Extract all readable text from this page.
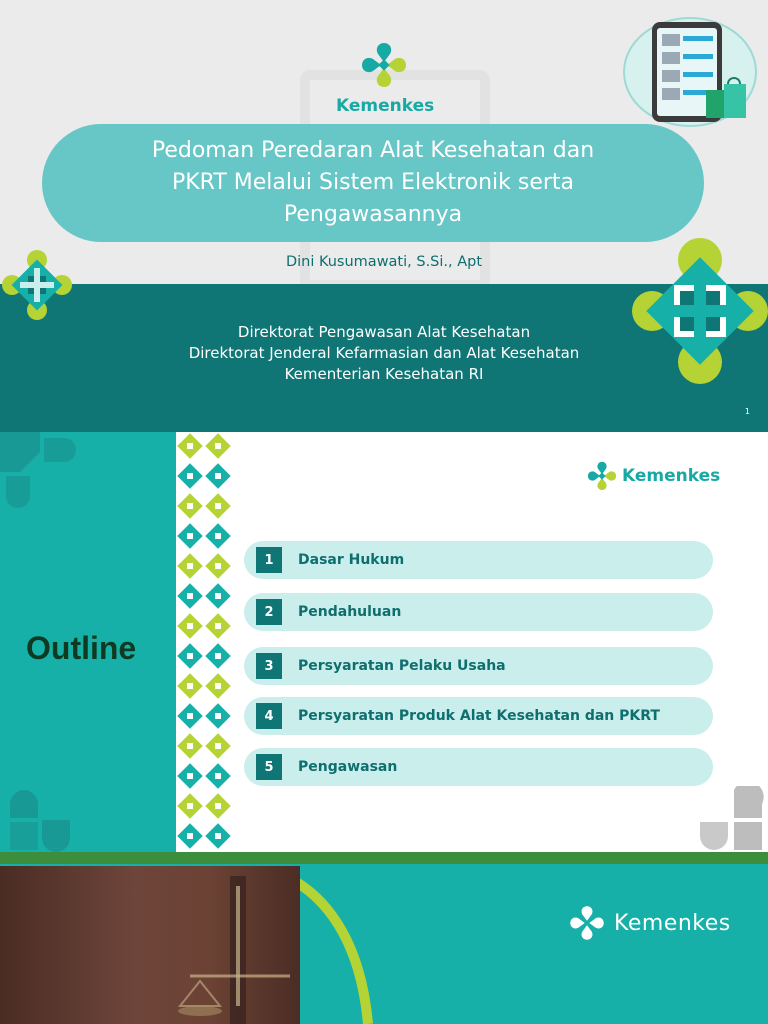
Kemenkes
Pedoman Peredaran Alat Kesehatan dan
PKRT Melalui Sistem Elektronik serta
Pengawasannya
Dini Kusumawati, S.Si., Apt
Direktorat Pengawasan Alat Kesehatan
Direktorat Jenderal Kefarmasian dan Alat Kesehatan
Kementerian Kesehatan RI
1
Outline
Kemenkes
1	Dasar Hukum
2	Pendahuluan
3	Persyaratan Pelaku Usaha
4	Persyaratan Produk Alat Kesehatan dan PKRT
5	Pengawasan
Kemenkes
